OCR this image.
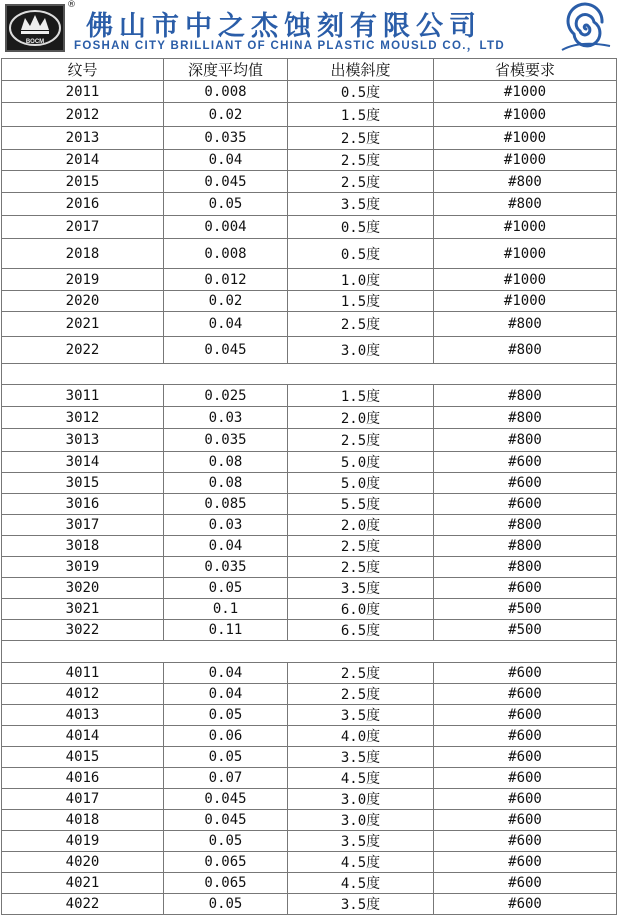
BOCM
®
佛山市中之杰蚀刻有限公司
FOSHAN CITY BRILLIANT OF CHINA PLASTIC MOUSLD CO.，LTD
纹号	深度平均值	出模斜度	省模要求
2011	0.008	0.5度	#1000
2012	0.02	1.5度	#1000
2013	0.035	2.5度	#1000
2014	0.04	2.5度	#1000
2015	0.045	2.5度	#800
2016	0.05	3.5度	#800
2017	0.004	0.5度	#1000
2018	0.008	0.5度	#1000
2019	0.012	1.0度	#1000
2020	0.02	1.5度	#1000
2021	0.04	2.5度	#800
2022	0.045	3.0度	#800

3011	0.025	1.5度	#800
3012	0.03	2.0度	#800
3013	0.035	2.5度	#800
3014	0.08	5.0度	#600
3015	0.08	5.0度	#600
3016	0.085	5.5度	#600
3017	0.03	2.0度	#800
3018	0.04	2.5度	#800
3019	0.035	2.5度	#800
3020	0.05	3.5度	#600
3021	0.1	6.0度	#500
3022	0.11	6.5度	#500

4011	0.04	2.5度	#600
4012	0.04	2.5度	#600
4013	0.05	3.5度	#600
4014	0.06	4.0度	#600
4015	0.05	3.5度	#600
4016	0.07	4.5度	#600
4017	0.045	3.0度	#600
4018	0.045	3.0度	#600
4019	0.05	3.5度	#600
4020	0.065	4.5度	#600
4021	0.065	4.5度	#600
4022	0.05	3.5度	#600
